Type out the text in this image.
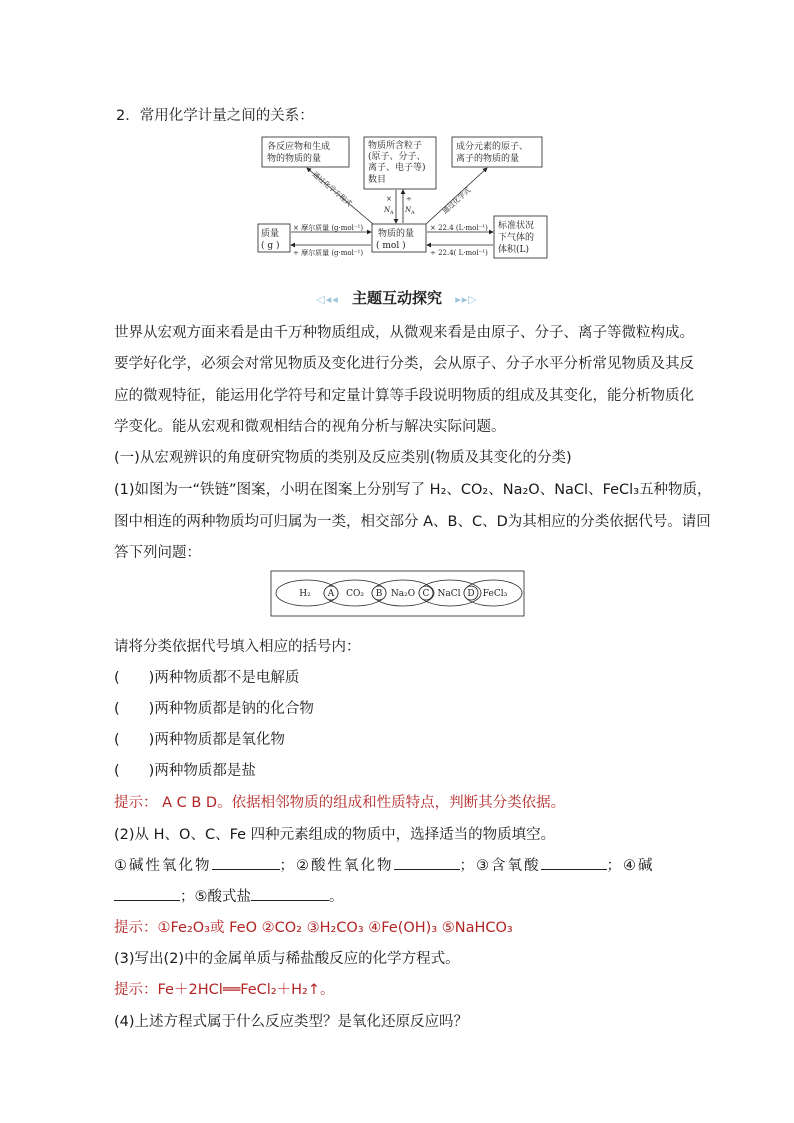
2．常用化学计量之间的关系：
各反应物和生成
物的物质的量
物质所含粒子
(原子、分子、
离子、电子等)
数目
成分元素的原子、
离子的物质的量
质量
( g )
物质的量
( mol )
标准状况
下气体的
体积(L)
× 摩尔质量 (g·mol⁻¹)
÷ 摩尔质量 (g·mol⁻¹)
× 22.4 (L·mol⁻¹)
÷ 22.4( L·mol⁻¹)
×
N A
÷
N A
通过化学方程式	通过化学式
◁◂◂ 主题互动探究 ▸▸▷
世界从宏观方面来看是由千万种物质组成，从微观来看是由原子、分子、离子等微粒构成。
要学好化学，必须会对常见物质及变化进行分类，会从原子、分子水平分析常见物质及其反
应的微观特征，能运用化学符号和定量计算等手段说明物质的组成及其变化，能分析物质化
学变化。能从宏观和微观相结合的视角分析与解决实际问题。
(一)从宏观辨识的角度研究物质的类别及反应类别(物质及其变化的分类)
(1)如图为一“铁链”图案，小明在图案上分别写了 H₂、CO₂、Na₂O、NaCl、FeCl₃五种物质，
图中相连的两种物质均可归属为一类，相交部分 A、B、C、D为其相应的分类依据代号。请回
答下列问题：
H₂	CO₂	Na₂O NaCl FeCl₃
A	B	C	D
请将分类依据代号填入相应的括号内：
(　　)两种物质都不是电解质
(　　)两种物质都是钠的化合物
(　　)两种物质都是氧化物
(　　)两种物质都是盐
提示： A C B D。依据相邻物质的组成和性质特点，判断其分类依据。
(2)从 H、O、C、Fe 四种元素组成的物质中，选择适当的物质填空。
①碱性氧化物	；②酸性氧化物	；③含氧酸	；④碱
；⑤酸式盐	。
提示：①Fe₂O₃或 FeO ②CO₂ ③H₂CO₃ ④Fe(OH)₃ ⑤NaHCO₃
(3)写出(2)中的金属单质与稀盐酸反应的化学方程式。
提示：Fe＋2HCl══FeCl₂＋H₂↑。
(4)上述方程式属于什么反应类型？是氧化还原反应吗？
